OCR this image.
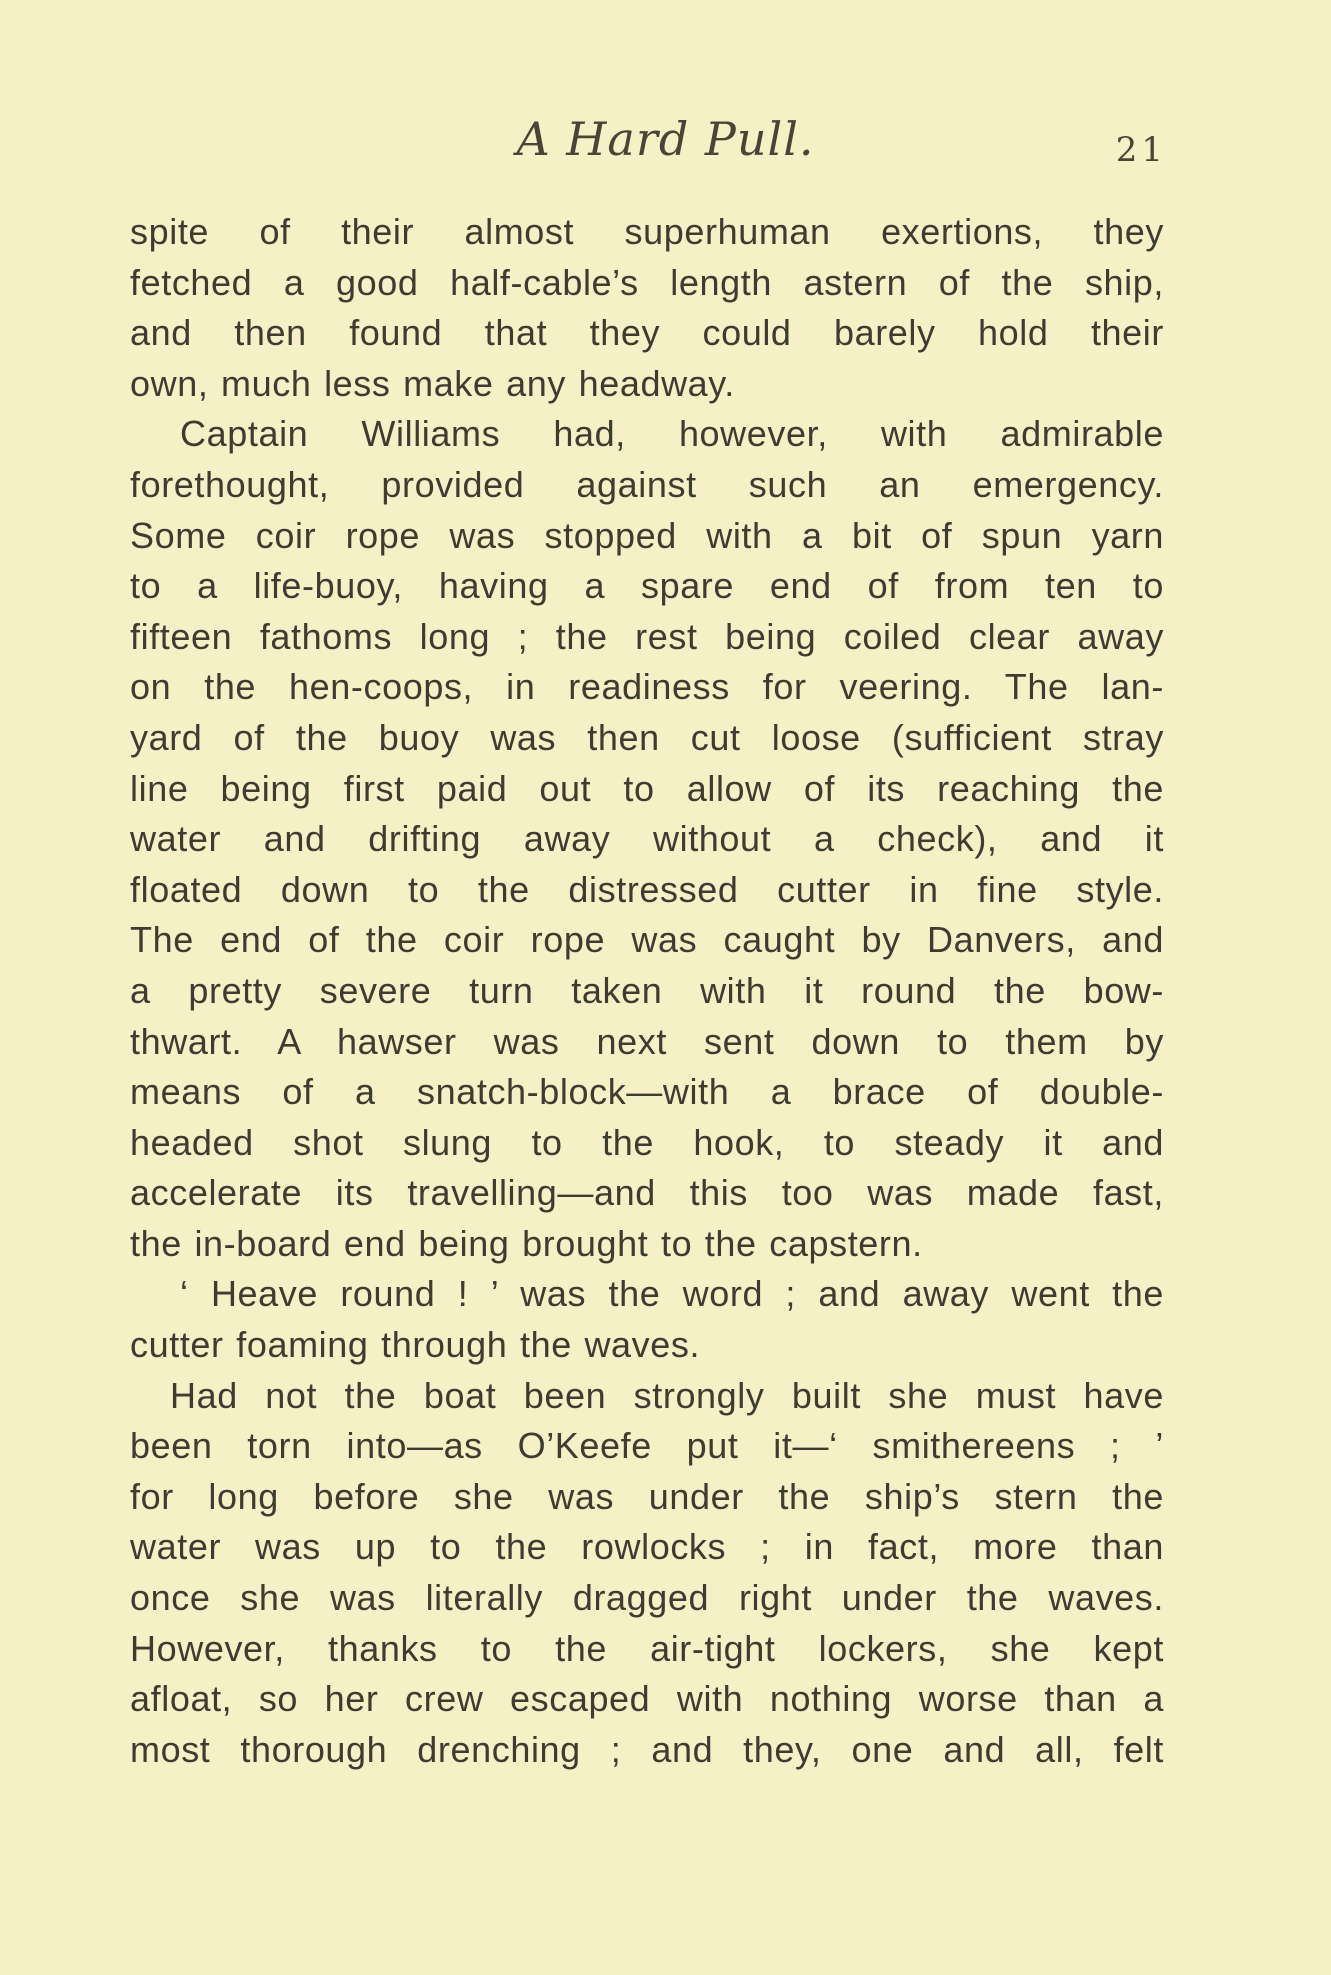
A Hard Pull.	21
spite of their almost superhuman exertions, they
fetched a good half-cable’s length astern of the ship,
and then found that they could barely hold their
own, much less make any headway.
Captain Williams had, however, with admirable
forethought, provided against such an emergency.
Some coir rope was stopped with a bit of spun yarn
to a life-buoy, having a spare end of from ten to
fifteen fathoms long ; the rest being coiled clear away
on the hen-coops, in readiness for veering. The lan-
yard of the buoy was then cut loose (sufficient stray
line being first paid out to allow of its reaching the
water and drifting away without a check), and it
floated down to the distressed cutter in fine style.
The end of the coir rope was caught by Danvers, and
a pretty severe turn taken with it round the bow-
thwart. A hawser was next sent down to them by
means of a snatch-block—with a brace of double-
headed shot slung to the hook, to steady it and
accelerate its travelling—and this too was made fast,
the in-board end being brought to the capstern.
‘ Heave round ! ’ was the word ; and away went the
cutter foaming through the waves.
Had not the boat been strongly built she must have
been torn into—as O’Keefe put it—‘ smithereens ; ’
for long before she was under the ship’s stern the
water was up to the rowlocks ; in fact, more than
once she was literally dragged right under the waves.
However, thanks to the air-tight lockers, she kept
afloat, so her crew escaped with nothing worse than a
most thorough drenching ; and they, one and all, felt
